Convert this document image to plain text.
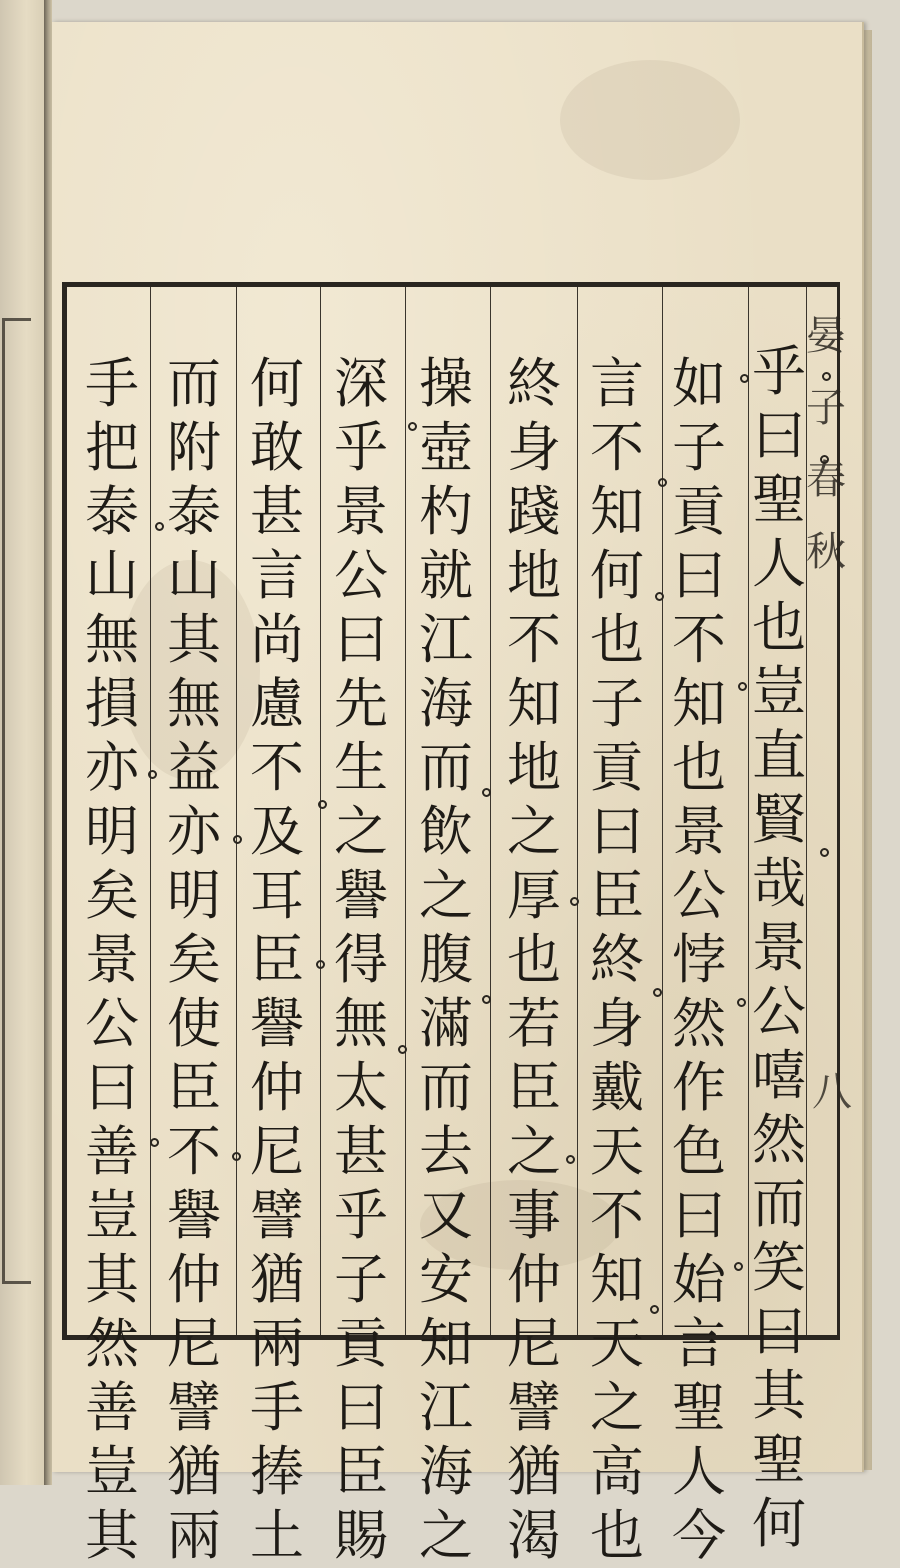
晏
子
春
秋
八
乎
曰
聖
人
也
豈
直
賢
哉
景
公
嘻
然
而
笑
曰
其
聖
何
如
子
貢
曰
不
知
也
景
公
悖
然
作
色
曰
始
言
聖
人
今
言
不
知
何
也
子
貢
曰
臣
終
身
戴
天
不
知
天
之
高
也
終
身
踐
地
不
知
地
之
厚
也
若
臣
之
事
仲
尼
譬
猶
渴
操
壺
杓
就
江
海
而
飲
之
腹
滿
而
去
又
安
知
江
海
之
深
乎
景
公
曰
先
生
之
譽
得
無
太
甚
乎
子
貢
曰
臣
賜
何
敢
甚
言
尚
慮
不
及
耳
臣
譽
仲
尼
譬
猶
兩
手
捧
土
而
附
泰
山
其
無
益
亦
明
矣
使
臣
不
譽
仲
尼
譬
猶
兩
手
把
泰
山
無
損
亦
明
矣
景
公
曰
善
豈
其
然
善
豈
其
